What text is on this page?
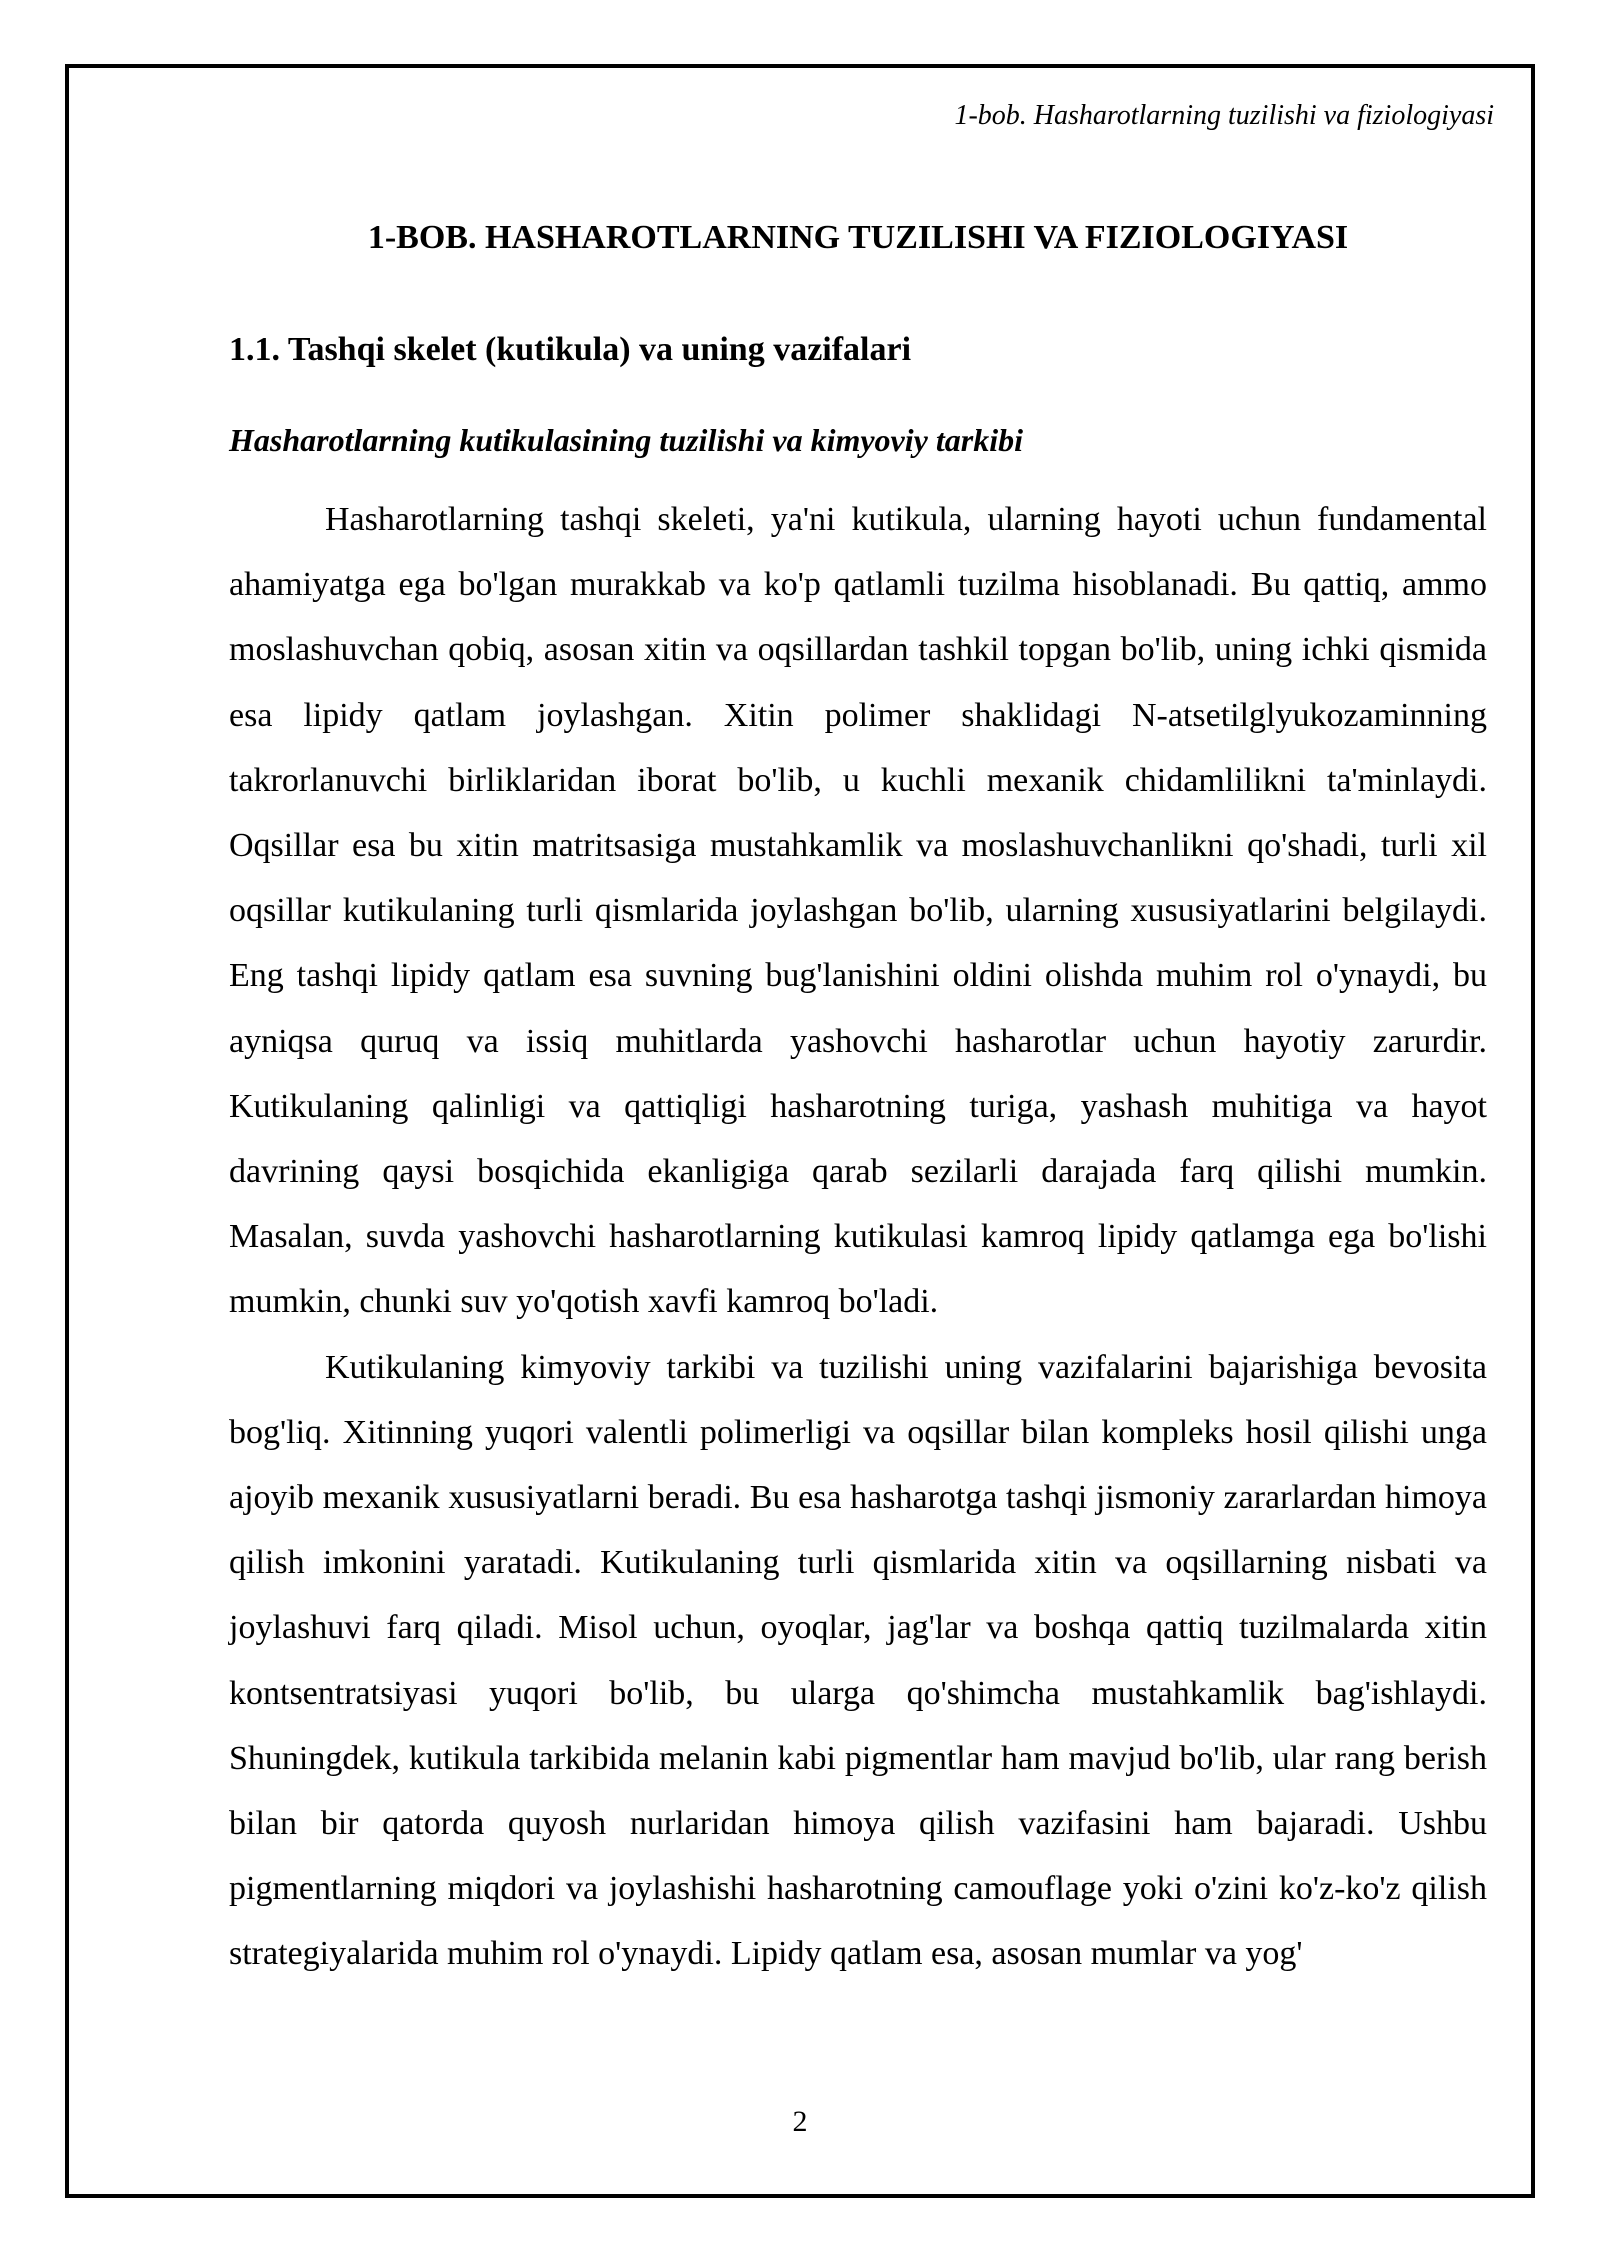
1-bob. Hasharotlarning tuzilishi va fiziologiyasi

1-BOB. HASHAROTLARNING TUZILISHI VA FIZIOLOGIYASI
1.1. Tashqi skelet (kutikula) va uning vazifalari
Hasharotlarning kutikulasining tuzilishi va kimyoviy tarkibi

Hasharotlarning tashqi skeleti, ya'ni kutikula, ularning hayoti uchun fundamental ahamiyatga ega bo'lgan murakkab va ko'p qatlamli tuzilma hisoblanadi. Bu qattiq, ammo moslashuvchan qobiq, asosan xitin va oqsillardan tashkil topgan bo'lib, uning ichki qismida esa lipidy qatlam joylashgan. Xitin polimer shaklidagi N-atsetilglyukozaminning takrorlanuvchi birliklaridan iborat bo'lib, u kuchli mexanik chidamlilikni ta'minlaydi. Oqsillar esa bu xitin matritsasiga mustahkamlik va moslashuvchanlikni qo'shadi, turli xil oqsillar kutikulaning turli qismlarida joylashgan bo'lib, ularning xususiyatlarini belgilaydi. Eng tashqi lipidy qatlam esa suvning bug'lanishini oldini olishda muhim rol o'ynaydi, bu ayniqsa quruq va issiq muhitlarda yashovchi hasharotlar uchun hayotiy zarurdir. Kutikulaning qalinligi va qattiqligi hasharotning turiga, yashash muhitiga va hayot davrining qaysi bosqichida ekanligiga qarab sezilarli darajada farq qilishi mumkin. Masalan, suvda yashovchi hasharotlarning kutikulasi kamroq lipidy qatlamga ega bo'lishi mumkin, chunki suv yo'qotish xavfi kamroq bo'ladi.

Kutikulaning kimyoviy tarkibi va tuzilishi uning vazifalarini bajarishiga bevosita bog'liq. Xitinning yuqori valentli polimerligi va oqsillar bilan kompleks hosil qilishi unga ajoyib mexanik xususiyatlarni beradi. Bu esa hasharotga tashqi jismoniy zararlardan himoya qilish imkonini yaratadi. Kutikulaning turli qismlarida xitin va oqsillarning nisbati va joylashuvi farq qiladi. Misol uchun, oyoqlar, jag'lar va boshqa qattiq tuzilmalarda xitin kontsentratsiyasi yuqori bo'lib, bu ularga qo'shimcha mustahkamlik bag'ishlaydi. Shuningdek, kutikula tarkibida melanin kabi pigmentlar ham mavjud bo'lib, ular rang berish bilan bir qatorda quyosh nurlaridan himoya qilish vazifasini ham bajaradi. Ushbu pigmentlarning miqdori va joylashishi hasharotning camouflage yoki o'zini ko'z-ko'z qilish strategiyalarida muhim rol o'ynaydi. Lipidy qatlam esa, asosan mumlar va yog'

2
